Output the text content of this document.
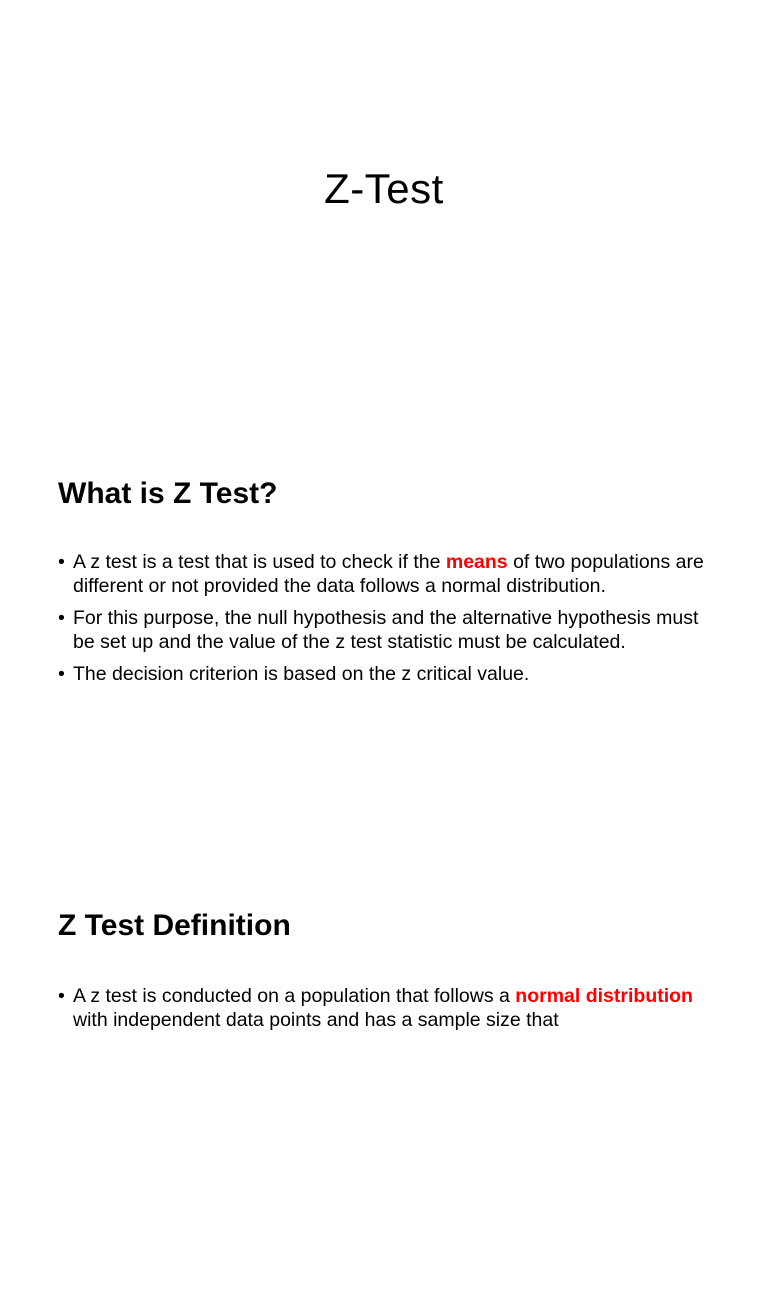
Z-Test
What is Z Test?
• A z test is a test that is used to check if the means of two populations are different or not provided the data follows a normal distribution.
• For this purpose, the null hypothesis and the alternative hypothesis must be set up and the value of the z test statistic must be calculated.
• The decision criterion is based on the z critical value.
Z Test Definition
• A z test is conducted on a population that follows a normal distribution with independent data points and has a sample size that
